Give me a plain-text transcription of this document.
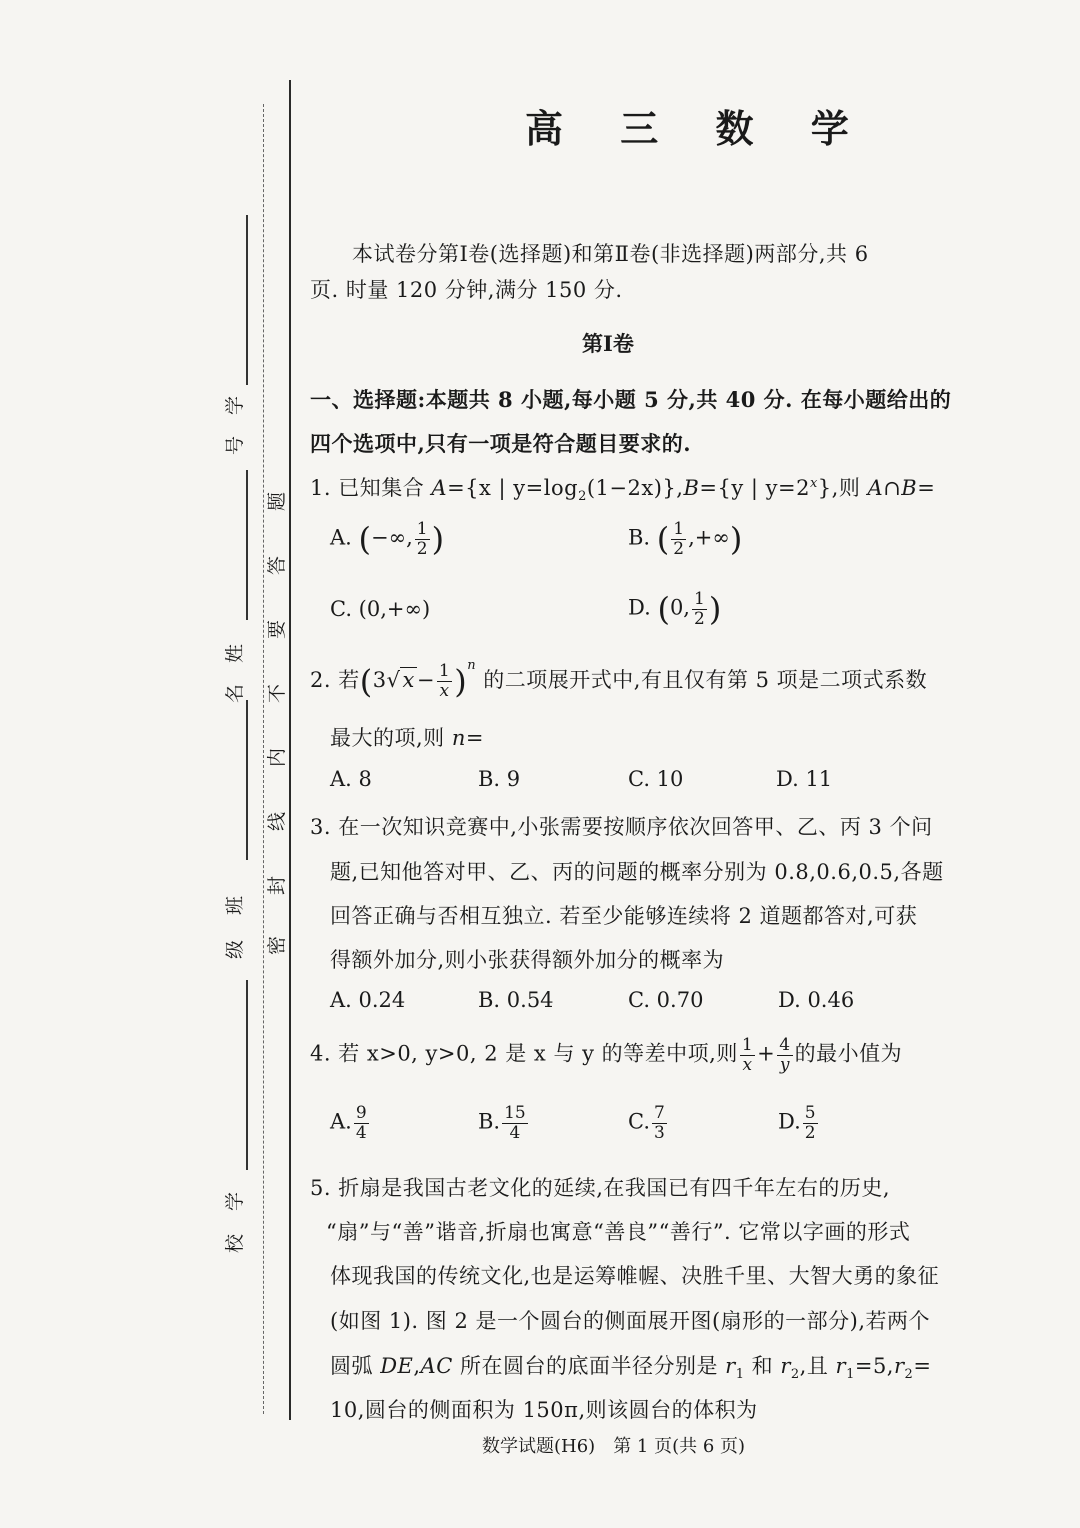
学
号
姓
名
班
级
学
校
题
答
要
不
内
线
封
密
高 三 数 学
本试卷分第Ⅰ卷(选择题)和第Ⅱ卷(非选择题)两部分,共 6
页. 时量 120 分钟,满分 150 分.
第Ⅰ卷
一、选择题:本题共 8 小题,每小题 5 分,共 40 分. 在每小题给出的
四个选项中,只有一项是符合题目要求的.
1. 已知集合 A={x | $y=\log_2(1-2x)\},B=\{y$ | $y=2^x$},则 A∩B=
A. (−∞, $\frac{1}{2}$ )	B. ( $\frac{1}{2}$ ,+∞)
C. (0,+∞)	D. (0, $\frac{1}{2}$ )
2. 若$(3√x- \frac{1}{x} )^n$ 的二项展开式中,有且仅有第 5 项是二项式系数
最大的项,则 n=
A. 8	B. 9	C. 10	D. 11
3. 在一次知识竞赛中,小张需要按顺序依次回答甲、乙、丙 3 个问
题,已知他答对甲、乙、丙的问题的概率分别为 0.8,0.6,0.5,各题
回答正确与否相互独立. 若至少能够连续将 2 道题都答对,可获
得额外加分,则小张获得额外加分的概率为
A. 0.24	B. 0.54	C. 0.70	D. 0.46
4. 若 x>0, y>0, 2 是 x 与 y 的等差中项,则 $\frac{1}{x} + \frac{4}{y}$ 的最小值为
A. $\frac{9}{4}$	B. $\frac{15}{4}$	C. $\frac{7}{3}$	D. $\frac{5}{2}$
5. 折扇是我国古老文化的延续,在我国已有四千年左右的历史,
“扇”与“善”谐音,折扇也寓意“善良”“善行”. 它常以字画的形式
体现我国的传统文化,也是运筹帷幄、决胜千里、大智大勇的象征
(如图 1). 图 2 是一个圆台的侧面展开图(扇形的一部分),若两个
圆弧 DE,AC 所在圆台的底面半径分别是 $r_1$ 和 $r_2$,且 $r_1=5,r_2=$
10,圆台的侧面积为 150π,则该圆台的体积为
数学试题(H6)　第 1 页(共 6 页)
